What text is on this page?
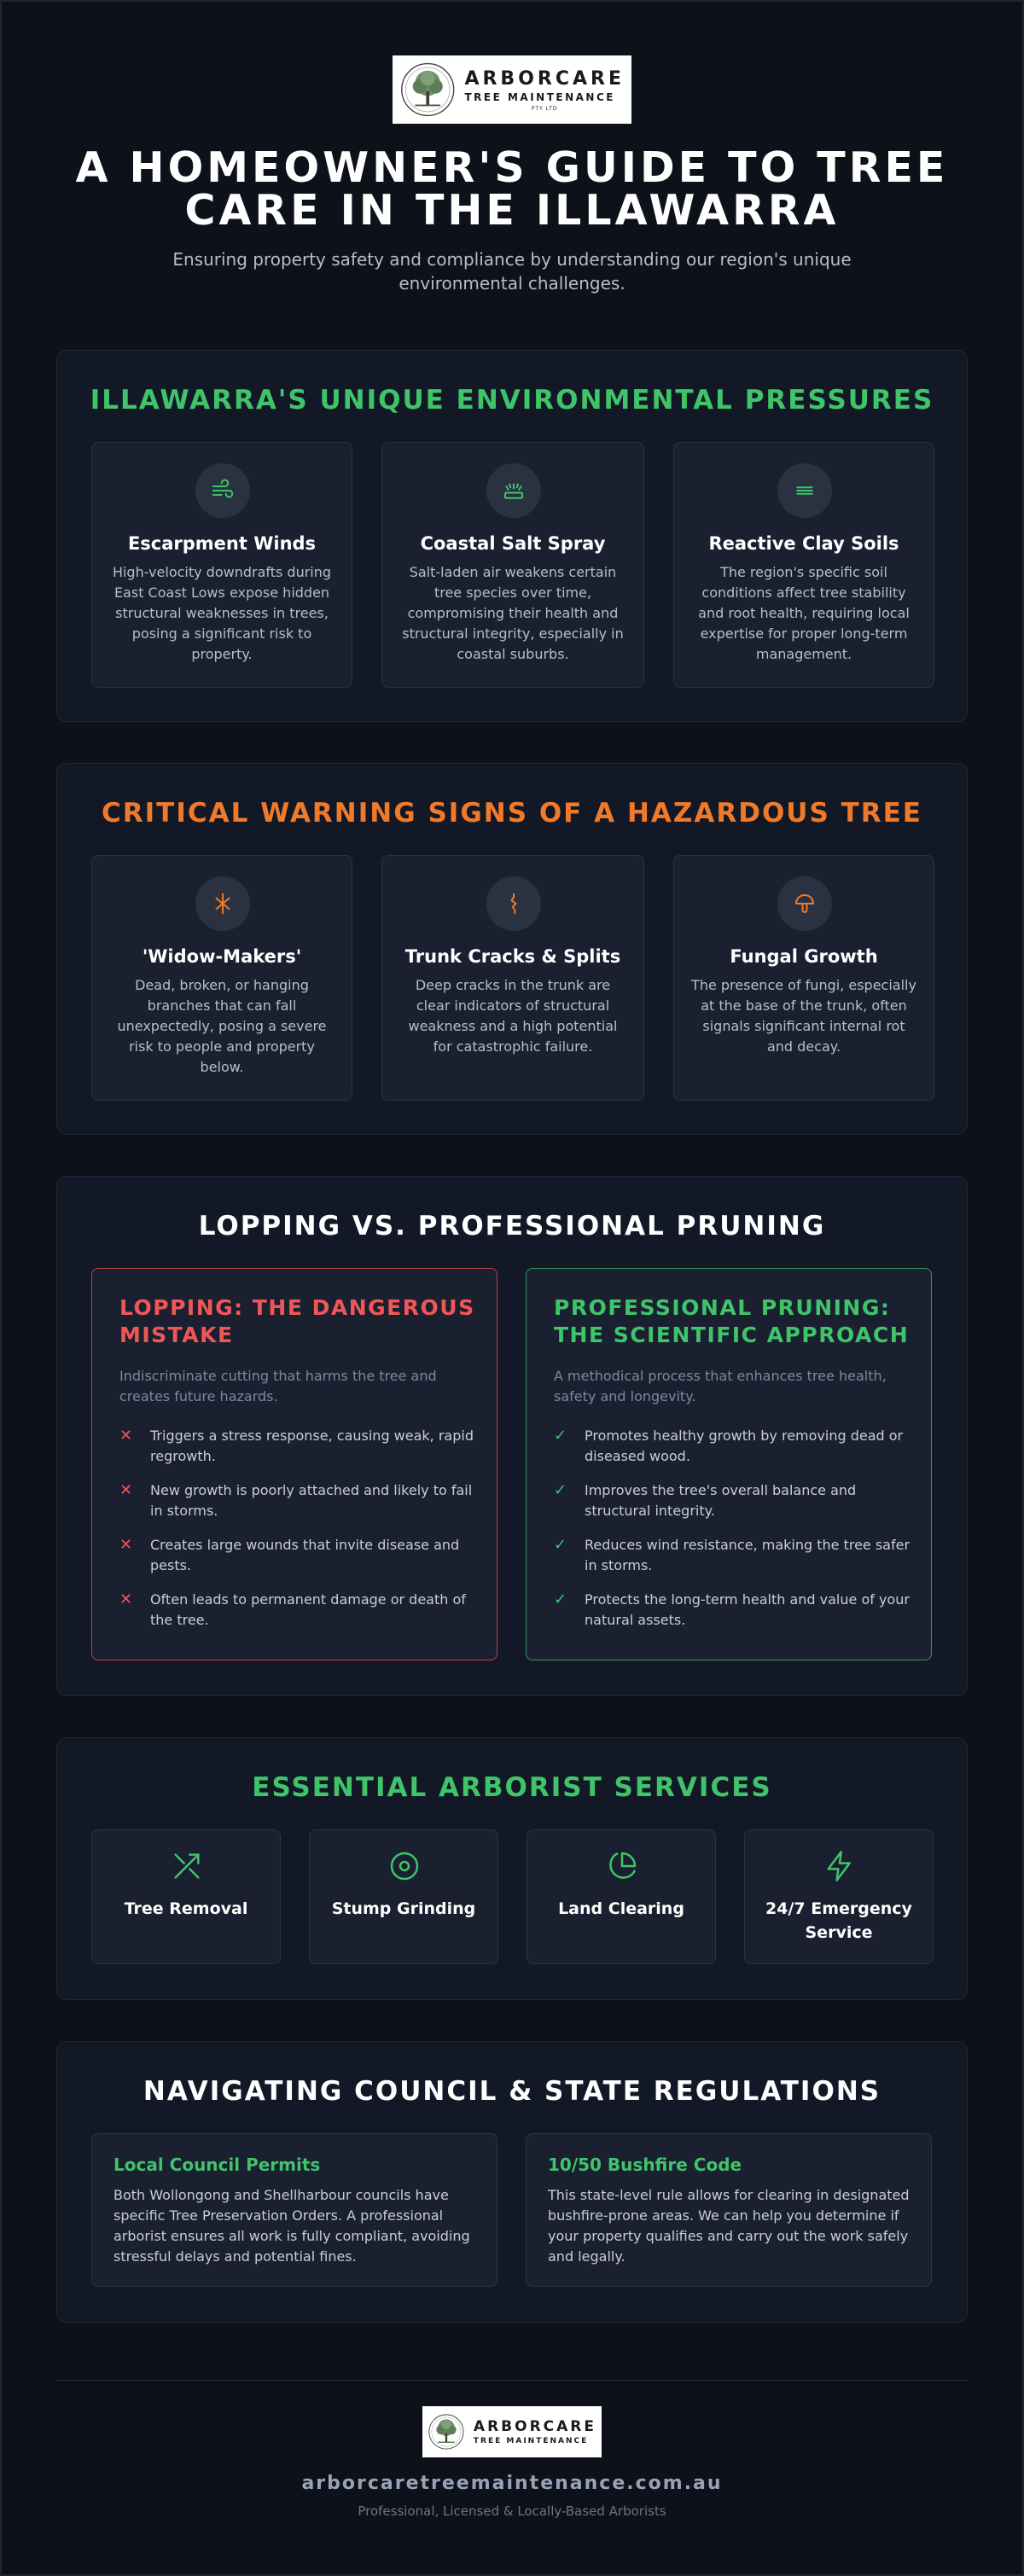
ARBORCARE
TREE MAINTENANCE
PTY LTD
A HOMEOWNER'S GUIDE TO TREE CARE IN THE ILLAWARRA

Ensuring property safety and compliance by understanding our region's unique environmental challenges.

ILLAWARRA'S UNIQUE ENVIRONMENTAL PRESSURES
Escarpment Winds
High-velocity downdrafts during East Coast Lows expose hidden structural weaknesses in trees, posing a significant risk to property.
Coastal Salt Spray
Salt-laden air weakens certain tree species over time, compromising their health and structural integrity, especially in coastal suburbs.
Reactive Clay Soils
The region's specific soil conditions affect tree stability and root health, requiring local expertise for proper long-term management.
CRITICAL WARNING SIGNS OF A HAZARDOUS TREE
'Widow-Makers'
Dead, broken, or hanging branches that can fall unexpectedly, posing a severe risk to people and property below.
Trunk Cracks & Splits
Deep cracks in the trunk are clear indicators of structural weakness and a high potential for catastrophic failure.
Fungal Growth
The presence of fungi, especially at the base of the trunk, often signals significant internal rot and decay.
LOPPING VS. PROFESSIONAL PRUNING
LOPPING: THE DANGEROUS MISTAKE
Indiscriminate cutting that harms the tree and creates future hazards.
✕	Triggers a stress response, causing weak, rapid regrowth.
✕	New growth is poorly attached and likely to fail in storms.
✕	Creates large wounds that invite disease and pests.
✕	Often leads to permanent damage or death of the tree.
PROFESSIONAL PRUNING: THE SCIENTIFIC APPROACH
A methodical process that enhances tree health, safety and longevity.
✓	Promotes healthy growth by removing dead or diseased wood.
✓	Improves the tree's overall balance and structural integrity.
✓	Reduces wind resistance, making the tree safer in storms.
✓	Protects the long-term health and value of your natural assets.
ESSENTIAL ARBORIST SERVICES
Tree Removal	Stump Grinding	Land Clearing	24/7 Emergency Service
NAVIGATING COUNCIL & STATE REGULATIONS
Local Council Permits
Both Wollongong and Shellharbour councils have specific Tree Preservation Orders. A professional arborist ensures all work is fully compliant, avoiding stressful delays and potential fines.
10/50 Bushfire Code
This state-level rule allows for clearing in designated bushfire-prone areas. We can help you determine if your property qualifies and carry out the work safely and legally.
ARBORCARE
TREE MAINTENANCE
arborcaretreemaintenance.com.au
Professional, Licensed & Locally-Based Arborists
